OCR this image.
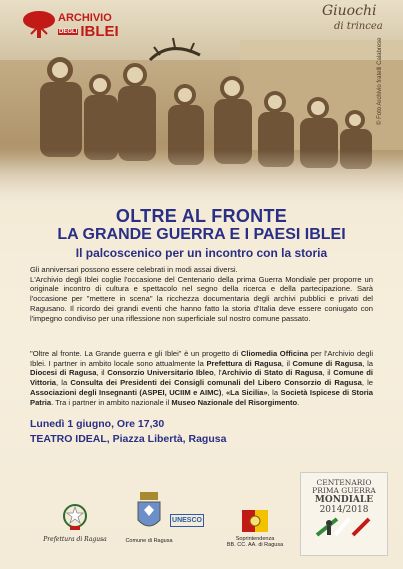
ARCHIVIO
DEGLI IBLEI
Giuochi
di trincea
© Foto Archivio fratelli Calabrese
OLTRE AL FRONTE
LA GRANDE GUERRA E I PAESI IBLEI
Il palcoscenico per un incontro con la storia

Gli anniversari possono essere celebrati in modi assai diversi.

L'Archivio degli Iblei coglie l'occasione del Centenario della prima Guerra Mondiale per proporre un originale incontro di cultura e spettacolo nel segno della ricerca e della partecipazione. Sarà l'occasione per "mettere in scena" la ricchezza documentaria degli archivi pubblici e privati del Ragusano. Il ricordo dei grandi eventi che hanno fatto la storia d'Italia deve essere coniugato con l'impegno condiviso per una riflessione non superficiale sul nostro comune passato.

"Oltre al fronte. La Grande guerra e gli Iblei" è un progetto di Cliomedia Officina per l'Archivio degli Iblei. I partner in ambito locale sono attualmente la Prefettura di Ragusa, il Comune di Ragusa, la Diocesi di Ragusa, il Consorzio Universitario Ibleo, l'Archivio di Stato di Ragusa, il Comune di Vittoria, la Consulta dei Presidenti dei Consigli comunali del Libero Consorzio di Ragusa, le Associazioni degli Insegnanti (ASPEI, UCIIM e AIMC), «La Sicilia», la Società Ispicese di Storia Patria. Tra i partner in ambito nazionale il Museo Nazionale del Risorgimento.
Lunedì 1 giugno, Ore 17,30
TEATRO IDEAL, Piazza Libertà, Ragusa
Prefettura di Ragusa	Comune di Ragusa
UNESCO
Soprintendenza
BB. CC. AA. di Ragusa
CENTENARIO
PRIMA GUERRA
MONDIALE
2014/2018
